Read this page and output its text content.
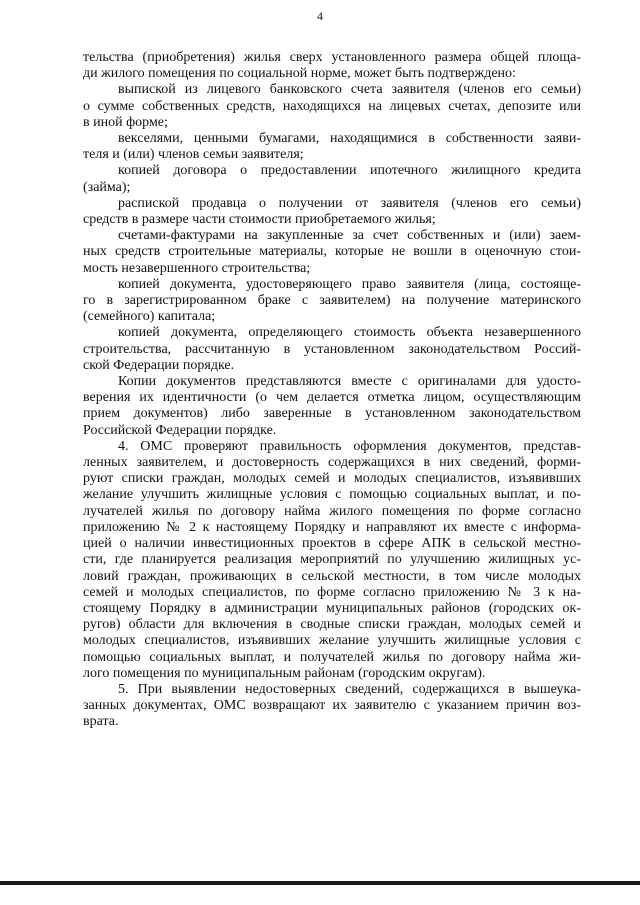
4
тельства (приобретения) жилья сверх установленного размера общей площа-
ди жилого помещения по социальной норме, может быть подтверждено:
выпиской из лицевого банковского счета заявителя (членов его семьи)
о сумме собственных средств, находящихся на лицевых счетах, депозите или
в иной форме;
векселями, ценными бумагами, находящимися в собственности заяви-
теля и (или) членов семьи заявителя;
копией договора о предоставлении ипотечного жилищного кредита
(займа);
распиской продавца о получении от заявителя (членов его семьи)
средств в размере части стоимости приобретаемого жилья;
счетами-фактурами на закупленные за счет собственных и (или) заем-
ных средств строительные материалы, которые не вошли в оценочную стои-
мость незавершенного строительства;
копией документа, удостоверяющего право заявителя (лица, состояще-
го в зарегистрированном браке с заявителем) на получение материнского
(семейного) капитала;
копией документа, определяющего стоимость объекта незавершенного
строительства, рассчитанную в установленном законодательством Россий-
ской Федерации порядке.
Копии документов представляются вместе с оригиналами для удосто-
верения их идентичности (о чем делается отметка лицом, осуществляющим
прием документов) либо заверенные в установленном законодательством
Российской Федерации порядке.
4. ОМС проверяют правильность оформления документов, представ-
ленных заявителем, и достоверность содержащихся в них сведений, форми-
руют списки граждан, молодых семей и молодых специалистов, изъявивших
желание улучшить жилищные условия с помощью социальных выплат, и по-
лучателей жилья по договору найма жилого помещения по форме согласно
приложению № 2 к настоящему Порядку и направляют их вместе с информа-
цией о наличии инвестиционных проектов в сфере АПК в сельской местно-
сти, где планируется реализация мероприятий по улучшению жилищных ус-
ловий граждан, проживающих в сельской местности, в том числе молодых
семей и молодых специалистов, по форме согласно приложению № 3 к на-
стоящему Порядку в администрации муниципальных районов (городских ок-
ругов) области для включения в сводные списки граждан, молодых семей и
молодых специалистов, изъявивших желание улучшить жилищные условия с
помощью социальных выплат, и получателей жилья по договору найма жи-
лого помещения по муниципальным районам (городским округам).
5. При выявлении недостоверных сведений, содержащихся в вышеука-
занных документах, ОМС возвращают их заявителю с указанием причин воз-
врата.
